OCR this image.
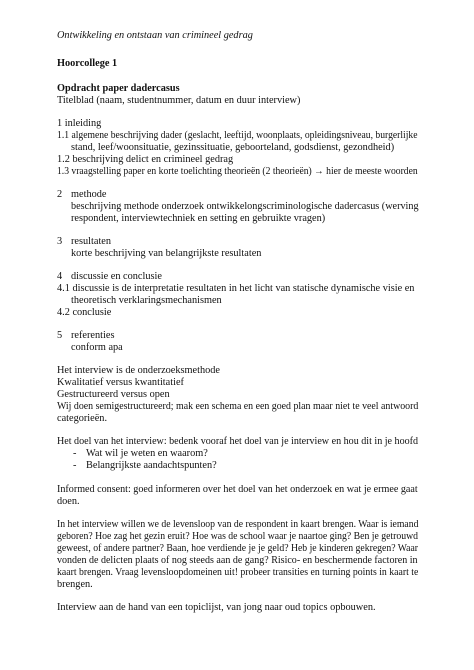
Ontwikkeling en ontstaan van crimineel gedrag
Hoorcollege 1
Opdracht paper dadercasus
Titelblad (naam, studentnummer, datum en duur interview)
1 inleiding
1.1 algemene beschrijving dader (geslacht, leeftijd, woonplaats, opleidingsniveau, burgerlijke
stand, leef/woonsituatie, gezinssituatie, geboorteland, godsdienst, gezondheid)
1.2 beschrijving delict en crimineel gedrag
1.3 vraagstelling paper en korte toelichting theorieën (2 theorieën) → hier de meeste woorden
2 methode
beschrijving methode onderzoek ontwikkelongscriminologische dadercasus (werving
respondent, interviewtechniek en setting en gebruikte vragen)
3 resultaten
korte beschrijving van belangrijkste resultaten
4 discussie en conclusie
4.1 discussie is de interpretatie resultaten in het licht van statische dynamische visie en
theoretisch verklaringsmechanismen
4.2 conclusie
5 referenties
conform apa
Het interview is de onderzoeksmethode
Kwalitatief versus kwantitatief
Gestructureerd versus open
Wij doen semigestructureerd; mak een schema en een goed plan maar niet te veel antwoord
categorieën.
Het doel van het interview: bedenk vooraf het doel van je interview en hou dit in je hoofd
- Wat wil je weten en waarom?
- Belangrijkste aandachtspunten?
Informed consent: goed informeren over het doel van het onderzoek en wat je ermee gaat
doen.
In het interview willen we de levensloop van de respondent in kaart brengen. Waar is iemand
geboren? Hoe zag het gezin eruit? Hoe was de school waar je naartoe ging? Ben je getrouwd
geweest, of andere partner? Baan, hoe verdiende je je geld? Heb je kinderen gekregen? Waar
vonden de delicten plaats of nog steeds aan de gang? Risico- en beschermende factoren in
kaart brengen. Vraag levensloopdomeinen uit! probeer transities en turning points in kaart te
brengen.
Interview aan de hand van een topiclijst, van jong naar oud topics opbouwen.
